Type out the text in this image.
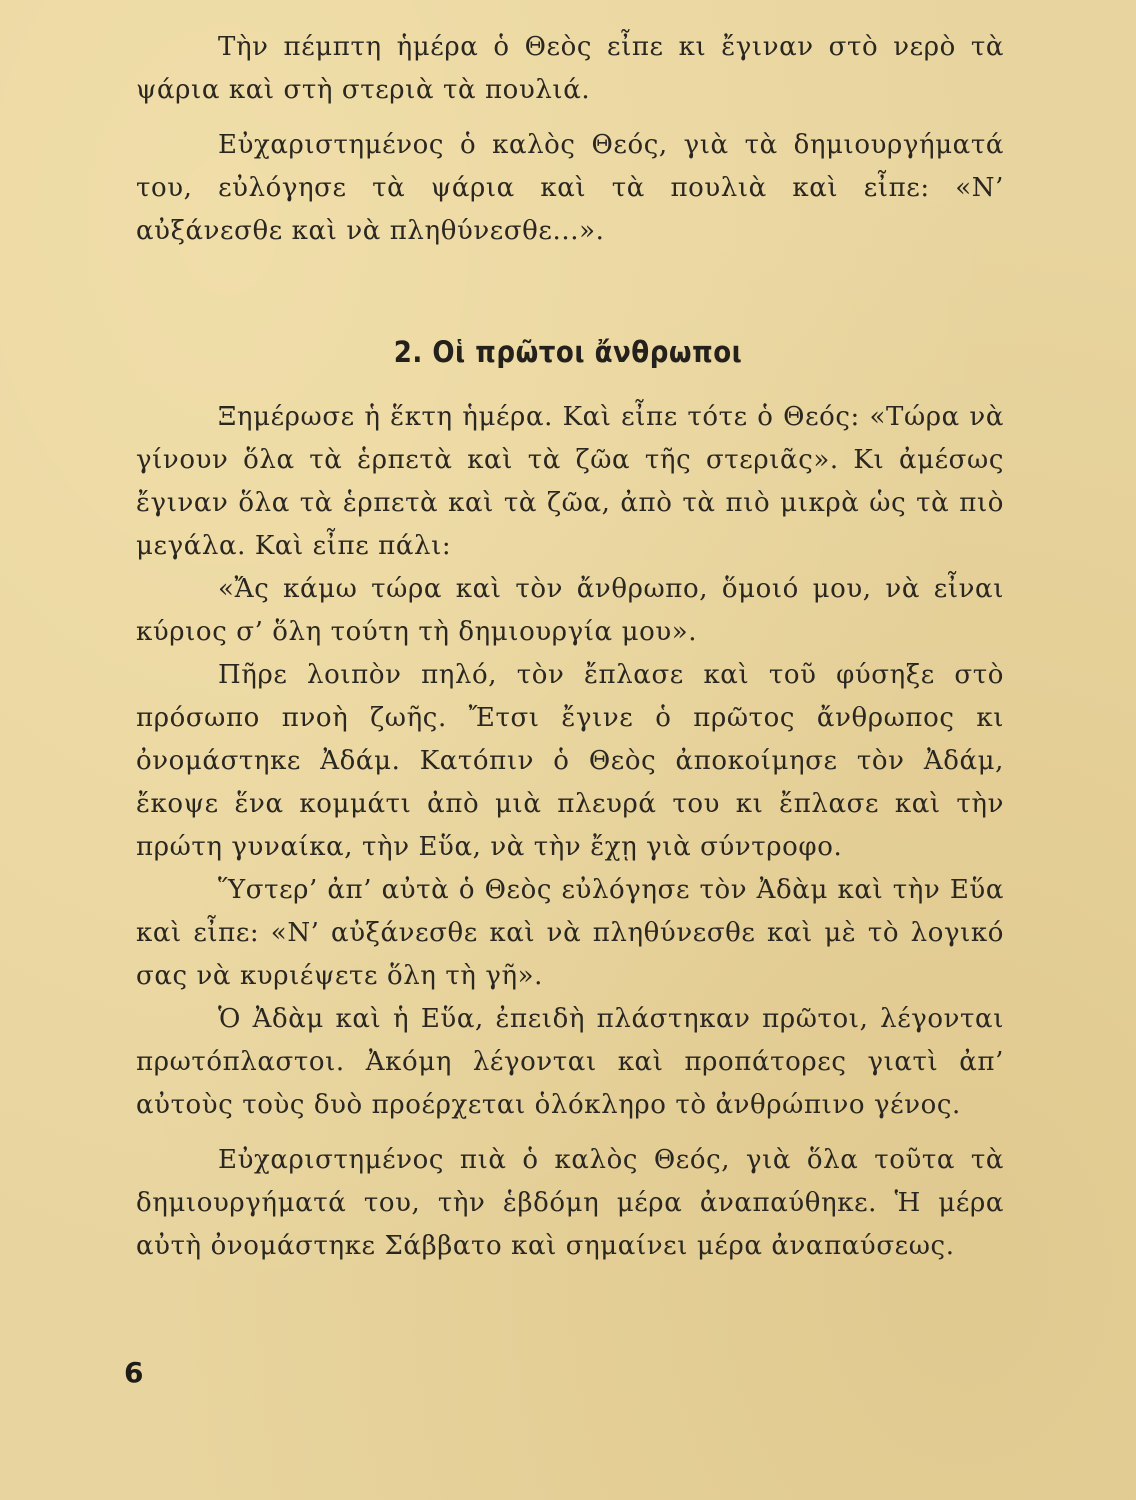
Τὴν πέμπτη ἡμέρα ὁ Θεὸς εἶπε κι ἔγιναν στὸ νερὸ τὰ ψάρια καὶ στὴ στεριὰ τὰ πουλιά.

Εὐχαριστημένος ὁ καλὸς Θεός, γιὰ τὰ δημιουργήματά του, εὐλόγησε τὰ ψάρια καὶ τὰ πουλιὰ καὶ εἶπε: «Ν’ αὐξάνεσθε καὶ νὰ πληθύνεσθε...».

2. Οἱ πρῶτοι ἄνθρωποι

Ξημέρωσε ἡ ἕκτη ἡμέρα. Καὶ εἶπε τότε ὁ Θεός: «Τώρα νὰ γίνουν ὅλα τὰ ἑρπετὰ καὶ τὰ ζῶα τῆς στεριᾶς». Κι ἀμέσως ἔγιναν ὅλα τὰ ἑρπετὰ καὶ τὰ ζῶα, ἀπὸ τὰ πιὸ μικρὰ ὡς τὰ πιὸ μεγάλα. Καὶ εἶπε πάλι:

«Ἄς κάμω τώρα καὶ τὸν ἄνθρωπο, ὅμοιό μου, νὰ εἶναι κύριος σ’ ὅλη τούτη τὴ δημιουργία μου».

Πῆρε λοιπὸν πηλό, τὸν ἔπλασε καὶ τοῦ φύσηξε στὸ πρόσωπο πνοὴ ζωῆς. Ἔτσι ἔγινε ὁ πρῶτος ἄνθρωπος κι ὀνομάστηκε Ἀδάμ. Κατόπιν ὁ Θεὸς ἀποκοίμησε τὸν Ἀδάμ, ἔκοψε ἕνα κομμάτι ἀπὸ μιὰ πλευρά του κι ἔπλασε καὶ τὴν πρώτη γυναίκα, τὴν Εὕα, νὰ τὴν ἔχῃ γιὰ σύντροφο.

Ὕστερ’ ἀπ’ αὐτὰ ὁ Θεὸς εὐλόγησε τὸν Ἀδὰμ καὶ τὴν Εὕα καὶ εἶπε: «Ν’ αὐξάνεσθε καὶ νὰ πληθύνεσθε καὶ μὲ τὸ λογικό σας νὰ κυριέψετε ὅλη τὴ γῆ».

Ὁ Ἀδὰμ καὶ ἡ Εὕα, ἐπειδὴ πλάστηκαν πρῶτοι, λέγονται πρωτόπλαστοι. Ἀκόμη λέγονται καὶ προπάτορες γιατὶ ἀπ’ αὐτοὺς τοὺς δυὸ προέρχεται ὁλόκληρο τὸ ἀνθρώπινο γένος.

Εὐχαριστημένος πιὰ ὁ καλὸς Θεός, γιὰ ὅλα τοῦτα τὰ δημιουργήματά του, τὴν ἑβδόμη μέρα ἀναπαύθηκε. Ἡ μέρα αὐτὴ ὀνομάστηκε Σάββατο καὶ σημαίνει μέρα ἀναπαύσεως.

6
